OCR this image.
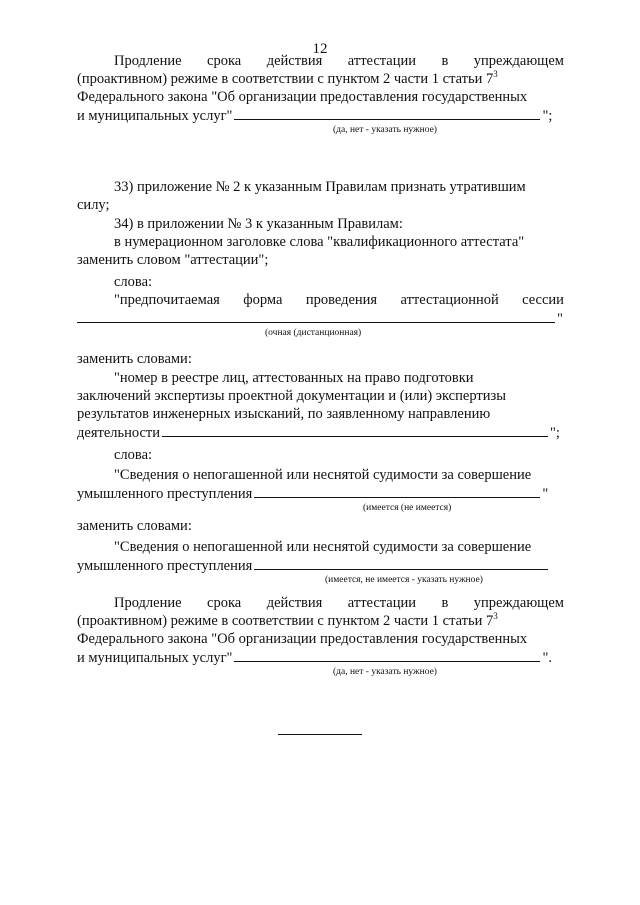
12
Продление срока действия аттестации в упреждающем
(проактивном) режиме в соответствии с пунктом 2 части 1 статьи $7^3$
Федерального закона "Об организации предоставления государственных
и муниципальных услуг"	";
(да, нет - указать нужное)
33) приложение № 2 к указанным Правилам признать утратившим
силу;
34) в приложении № 3 к указанным Правилам:
в нумерационном заголовке слова "квалификационного аттестата"
заменить словом "аттестации";
слова:
"предпочитаемая форма проведения аттестационной сессии
"
(очная (дистанционная)
заменить словами:
"номер в реестре лиц, аттестованных на право подготовки
заключений экспертизы проектной документации и (или) экспертизы
результатов инженерных изысканий, по заявленному направлению
деятельности	";
слова:
"Сведения о непогашенной или неснятой судимости за совершение
умышленного преступления	"
(имеется (не имеется)
заменить словами:
"Сведения о непогашенной или неснятой судимости за совершение
умышленного преступления
(имеется, не имеется - указать нужное)
Продление срока действия аттестации в упреждающем
(проактивном) режиме в соответствии с пунктом 2 части 1 статьи $7^3$
Федерального закона "Об организации предоставления государственных
и муниципальных услуг"	".
(да, нет - указать нужное)
